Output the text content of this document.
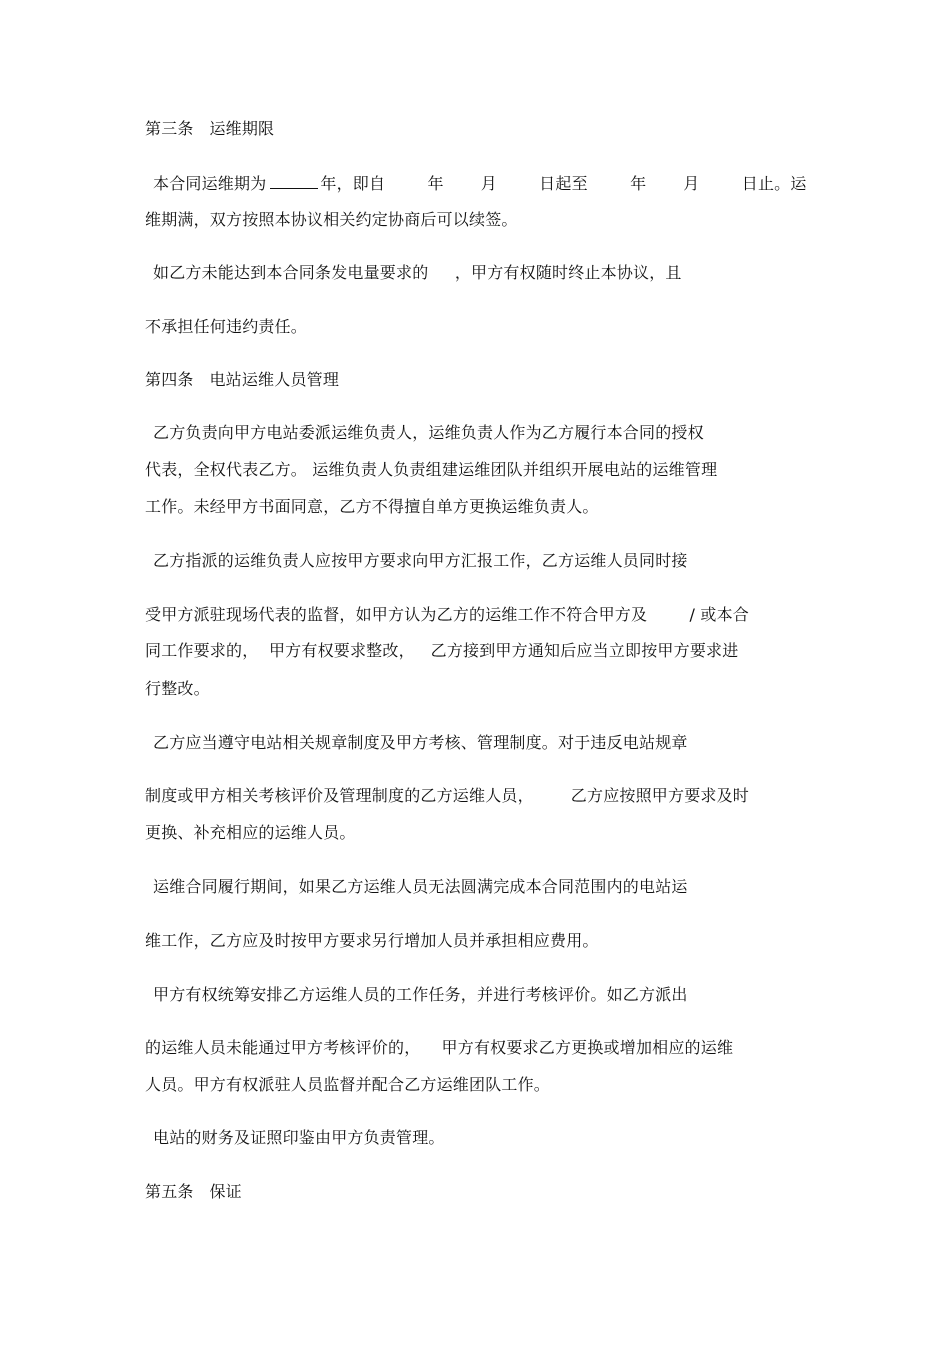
第三条   运维期限
本合同运维期为	年，即自        年       月        日起至        年       月        日止。运
维期满，双方按照本协议相关约定协商后可以续签。
如乙方未能达到本合同条发电量要求的     ，甲方有权随时终止本协议，且
不承担任何违约责任。
第四条   电站运维人员管理
乙方负责向甲方电站委派运维负责人，运维负责人作为乙方履行本合同的授权
代表，全权代表乙方。 运维负责人负责组建运维团队并组织开展电站的运维管理
工作。未经甲方书面同意，乙方不得擅自单方更换运维负责人。
乙方指派的运维负责人应按甲方要求向甲方汇报工作，乙方运维人员同时接
受甲方派驻现场代表的监督，如甲方认为乙方的运维工作不符合甲方及        / 或本合
同工作要求的，  甲方有权要求整改，   乙方接到甲方通知后应当立即按甲方要求进
行整改。
乙方应当遵守电站相关规章制度及甲方考核、管理制度。对于违反电站规章
制度或甲方相关考核评价及管理制度的乙方运维人员，       乙方应按照甲方要求及时
更换、补充相应的运维人员。
运维合同履行期间，如果乙方运维人员无法圆满完成本合同范围内的电站运
维工作，乙方应及时按甲方要求另行增加人员并承担相应费用。
甲方有权统筹安排乙方运维人员的工作任务，并进行考核评价。如乙方派出
的运维人员未能通过甲方考核评价的，    甲方有权要求乙方更换或增加相应的运维
人员。甲方有权派驻人员监督并配合乙方运维团队工作。
电站的财务及证照印鉴由甲方负责管理。
第五条   保证
